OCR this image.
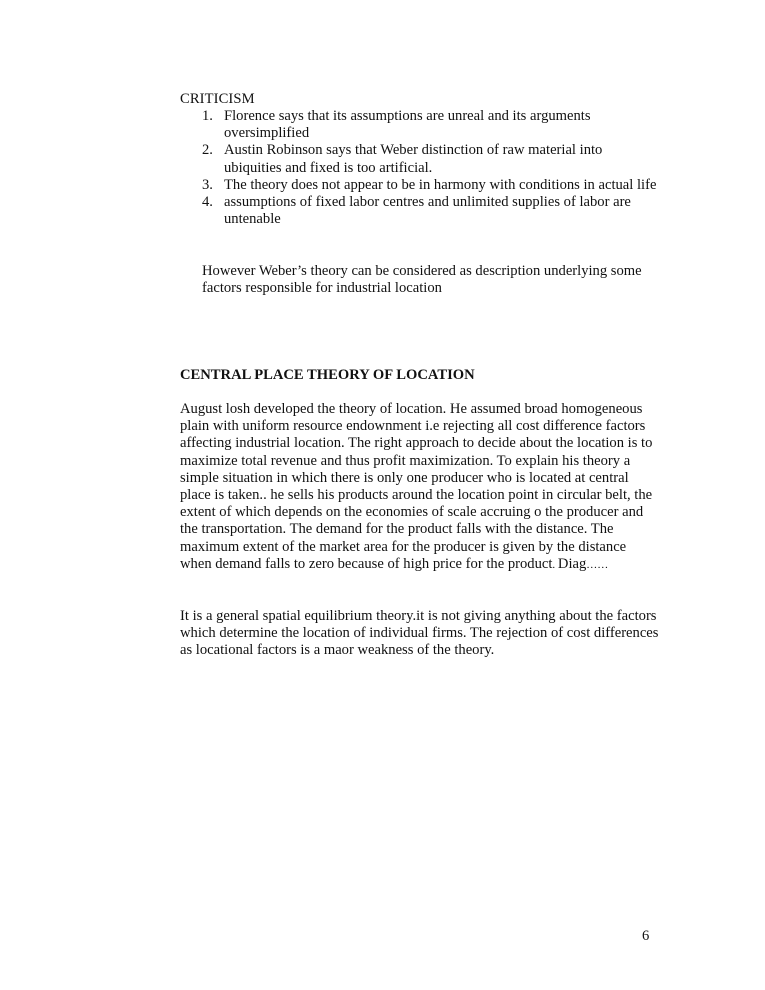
CRITICISM

1. Florence says that its assumptions are unreal and its arguments oversimplified
2. Austin Robinson says that Weber distinction of raw material into ubiquities and fixed is too artificial.
3. The theory does not appear to be in harmony with conditions in actual life
4. assumptions of fixed labor centres and unlimited supplies of labor are untenable

However Weber’s theory can be considered as description underlying some factors responsible for industrial location

CENTRAL PLACE THEORY OF LOCATION

August losh developed the theory of location. He assumed broad homogeneous plain with uniform resource endownment i.e rejecting all cost difference factors affecting industrial location. The right approach to decide about the location is to maximize total revenue and thus profit maximization. To explain his theory a simple situation in which there is only one producer who is located at central place is taken.. he sells his products around the location point in circular belt, the extent of which depends on the economies of scale accruing o the producer and the transportation. The demand for the product falls with the distance. The maximum extent of the market area for the producer is given by the distance when demand falls to zero because of high price for the product. Diag……

It is a general spatial equilibrium theory.it is not giving anything about the factors which determine the location of individual firms. The rejection of cost differences as locational factors is a maor weakness of the theory.

6
